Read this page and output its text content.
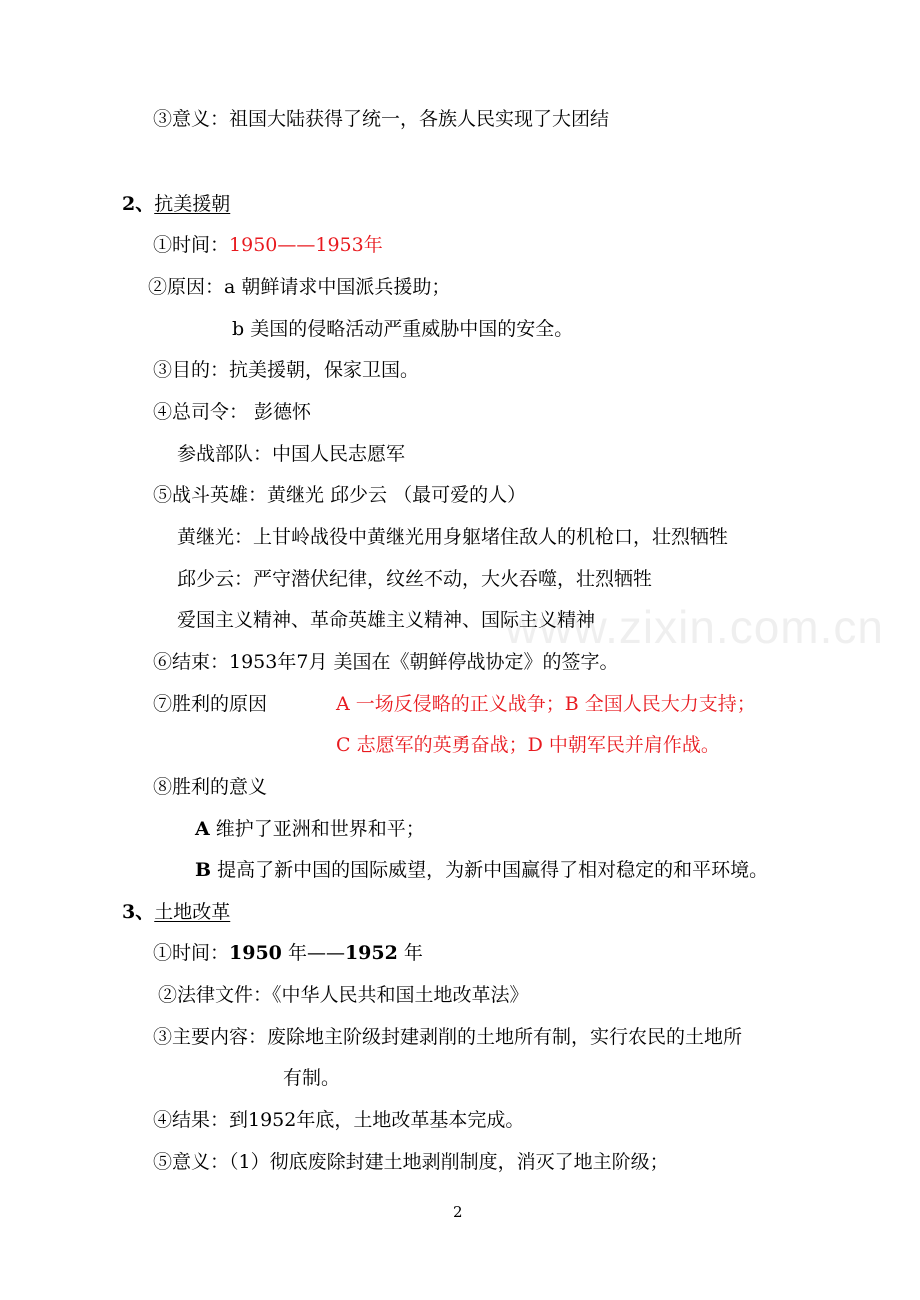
www.zixin.com.cn
③意义：祖国大陆获得了统一，各族人民实现了大团结
2、抗美援朝
①时间：1950——1953年
②原因：a 朝鲜请求中国派兵援助；
b 美国的侵略活动严重威胁中国的安全。
③目的：抗美援朝，保家卫国。
④总司令： 彭德怀
参战部队：中国人民志愿军
⑤战斗英雄：黄继光 邱少云 （最可爱的人）
黄继光：上甘岭战役中黄继光用身躯堵住敌人的机枪口，壮烈牺牲
邱少云：严守潜伏纪律，纹丝不动，大火吞噬，壮烈牺牲
爱国主义精神、革命英雄主义精神、国际主义精神
⑥结束：1953年7月 美国在《朝鲜停战协定》的签字。
⑦胜利的原因	A 一场反侵略的正义战争；B 全国人民大力支持；
C 志愿军的英勇奋战；D 中朝军民并肩作战。
⑧胜利的意义
A 维护了亚洲和世界和平；
B 提高了新中国的国际威望，为新中国赢得了相对稳定的和平环境。
3、土地改革
①时间：1950 年——1952 年
②法律文件：《中华人民共和国土地改革法》
③主要内容：废除地主阶级封建剥削的土地所有制，实行农民的土地所
有制。
④结果：到1952年底，土地改革基本完成。
⑤意义：（1）彻底废除封建土地剥削制度，消灭了地主阶级；
2
